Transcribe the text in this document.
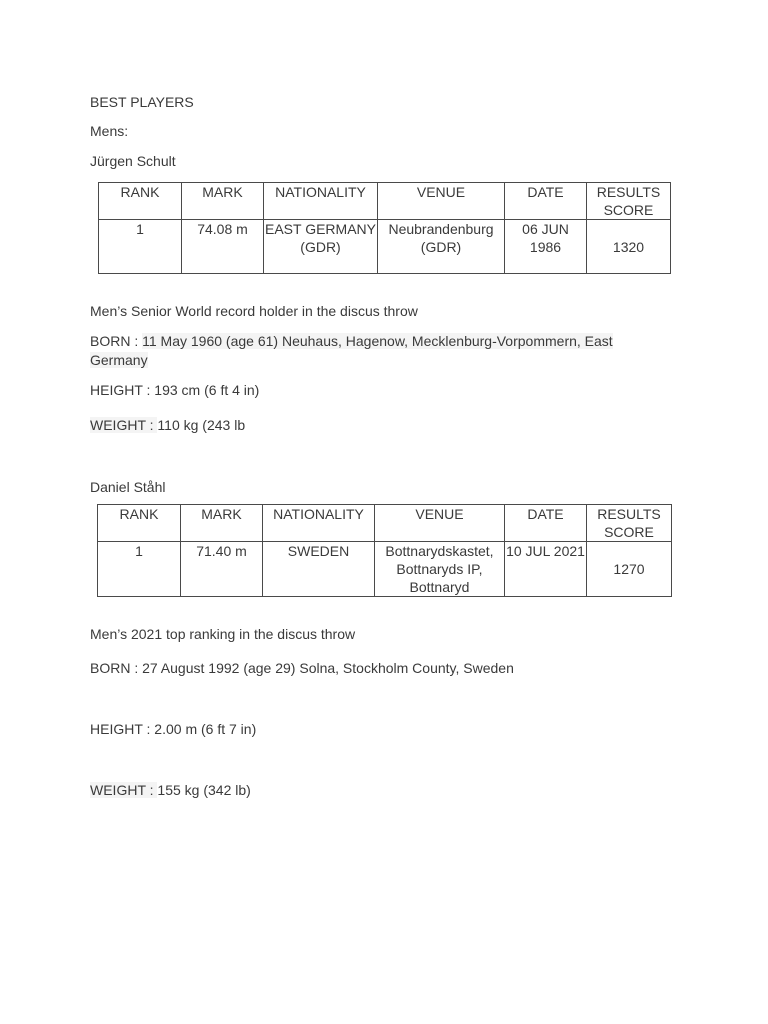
BEST PLAYERS
Mens:
Jürgen Schult
RANK	MARK	NATIONALITY	VENUE	DATE	RESULTS SCORE
1	74.08 m	EAST GERMANY (GDR)	Neubrandenburg (GDR)	06 JUN 1986	1320
Men’s Senior World record holder in the discus throw
BORN : 11 May 1960 (age 61) Neuhaus, Hagenow, Mecklenburg-Vorpommern, East Germany
HEIGHT : 193 cm (6 ft 4 in)
WEIGHT : 110 kg (243 lb
Daniel Ståhl
RANK	MARK	NATIONALITY	VENUE	DATE	RESULTS SCORE
1	71.40 m	SWEDEN	Bottnarydskastet, Bottnaryds IP, Bottnaryd	10 JUL 2021	1270
Men’s 2021 top ranking in the discus throw
BORN : 27 August 1992 (age 29) Solna, Stockholm County, Sweden
HEIGHT : 2.00 m (6 ft 7 in)
WEIGHT : 155 kg (342 lb)
